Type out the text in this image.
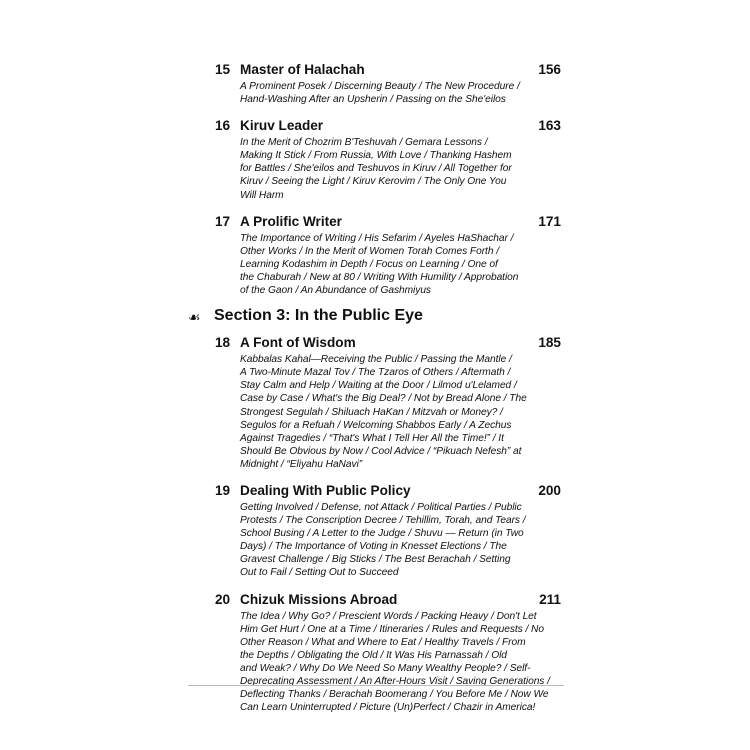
15 Master of Halachah	156
A Prominent Posek / Discerning Beauty / The New Procedure /
Hand-Washing After an Upsherin / Passing on the She'eilos
16 Kiruv Leader	163
In the Merit of Chozrim B'Teshuvah / Gemara Lessons /
Making It Stick / From Russia, With Love / Thanking Hashem
for Battles / She'eilos and Teshuvos in Kiruv / All Together for
Kiruv / Seeing the Light / Kiruv Kerovim / The Only One You
Will Harm
17 A Prolific Writer	171
The Importance of Writing / His Sefarim / Ayeles HaShachar /
Other Works / In the Merit of Women Torah Comes Forth /
Learning Kodashim in Depth / Focus on Learning / One of
the Chaburah / New at 80 / Writing With Humility / Approbation
of the Gaon / An Abundance of Gashmiyus
☙ Section 3: In the Public Eye
18 A Font of Wisdom	185
Kabbalas Kahal—Receiving the Public / Passing the Mantle /
A Two-Minute Mazal Tov / The Tzaros of Others / Aftermath /
Stay Calm and Help / Waiting at the Door / Lilmod u'Lelamed /
Case by Case / What's the Big Deal? / Not by Bread Alone / The
Strongest Segulah / Shiluach HaKan / Mitzvah or Money? /
Segulos for a Refuah / Welcoming Shabbos Early / A Zechus
Against Tragedies / “That's What I Tell Her All the Time!” / It
Should Be Obvious by Now / Cool Advice / “Pikuach Nefesh” at
Midnight / “Eliyahu HaNavi”
19 Dealing With Public Policy	200
Getting Involved / Defense, not Attack / Political Parties / Public
Protests / The Conscription Decree / Tehillim, Torah, and Tears /
School Busing / A Letter to the Judge / Shuvu — Return (in Two
Days) / The Importance of Voting in Knesset Elections / The
Gravest Challenge / Big Sticks / The Best Berachah / Setting
Out to Fail / Setting Out to Succeed
20 Chizuk Missions Abroad	211
The Idea / Why Go? / Prescient Words / Packing Heavy / Don't Let
Him Get Hurt / One at a Time / Itineraries / Rules and Requests / No
Other Reason / What and Where to Eat / Healthy Travels / From
the Depths / Obligating the Old / It Was His Parnassah / Old
and Weak? / Why Do We Need So Many Wealthy People? / Self-
Deprecating Assessment / An After-Hours Visit / Saving Generations /
Deflecting Thanks / Berachah Boomerang / You Before Me / Now We
Can Learn Uninterrupted / Picture (Un)Perfect / Chazir in America!
